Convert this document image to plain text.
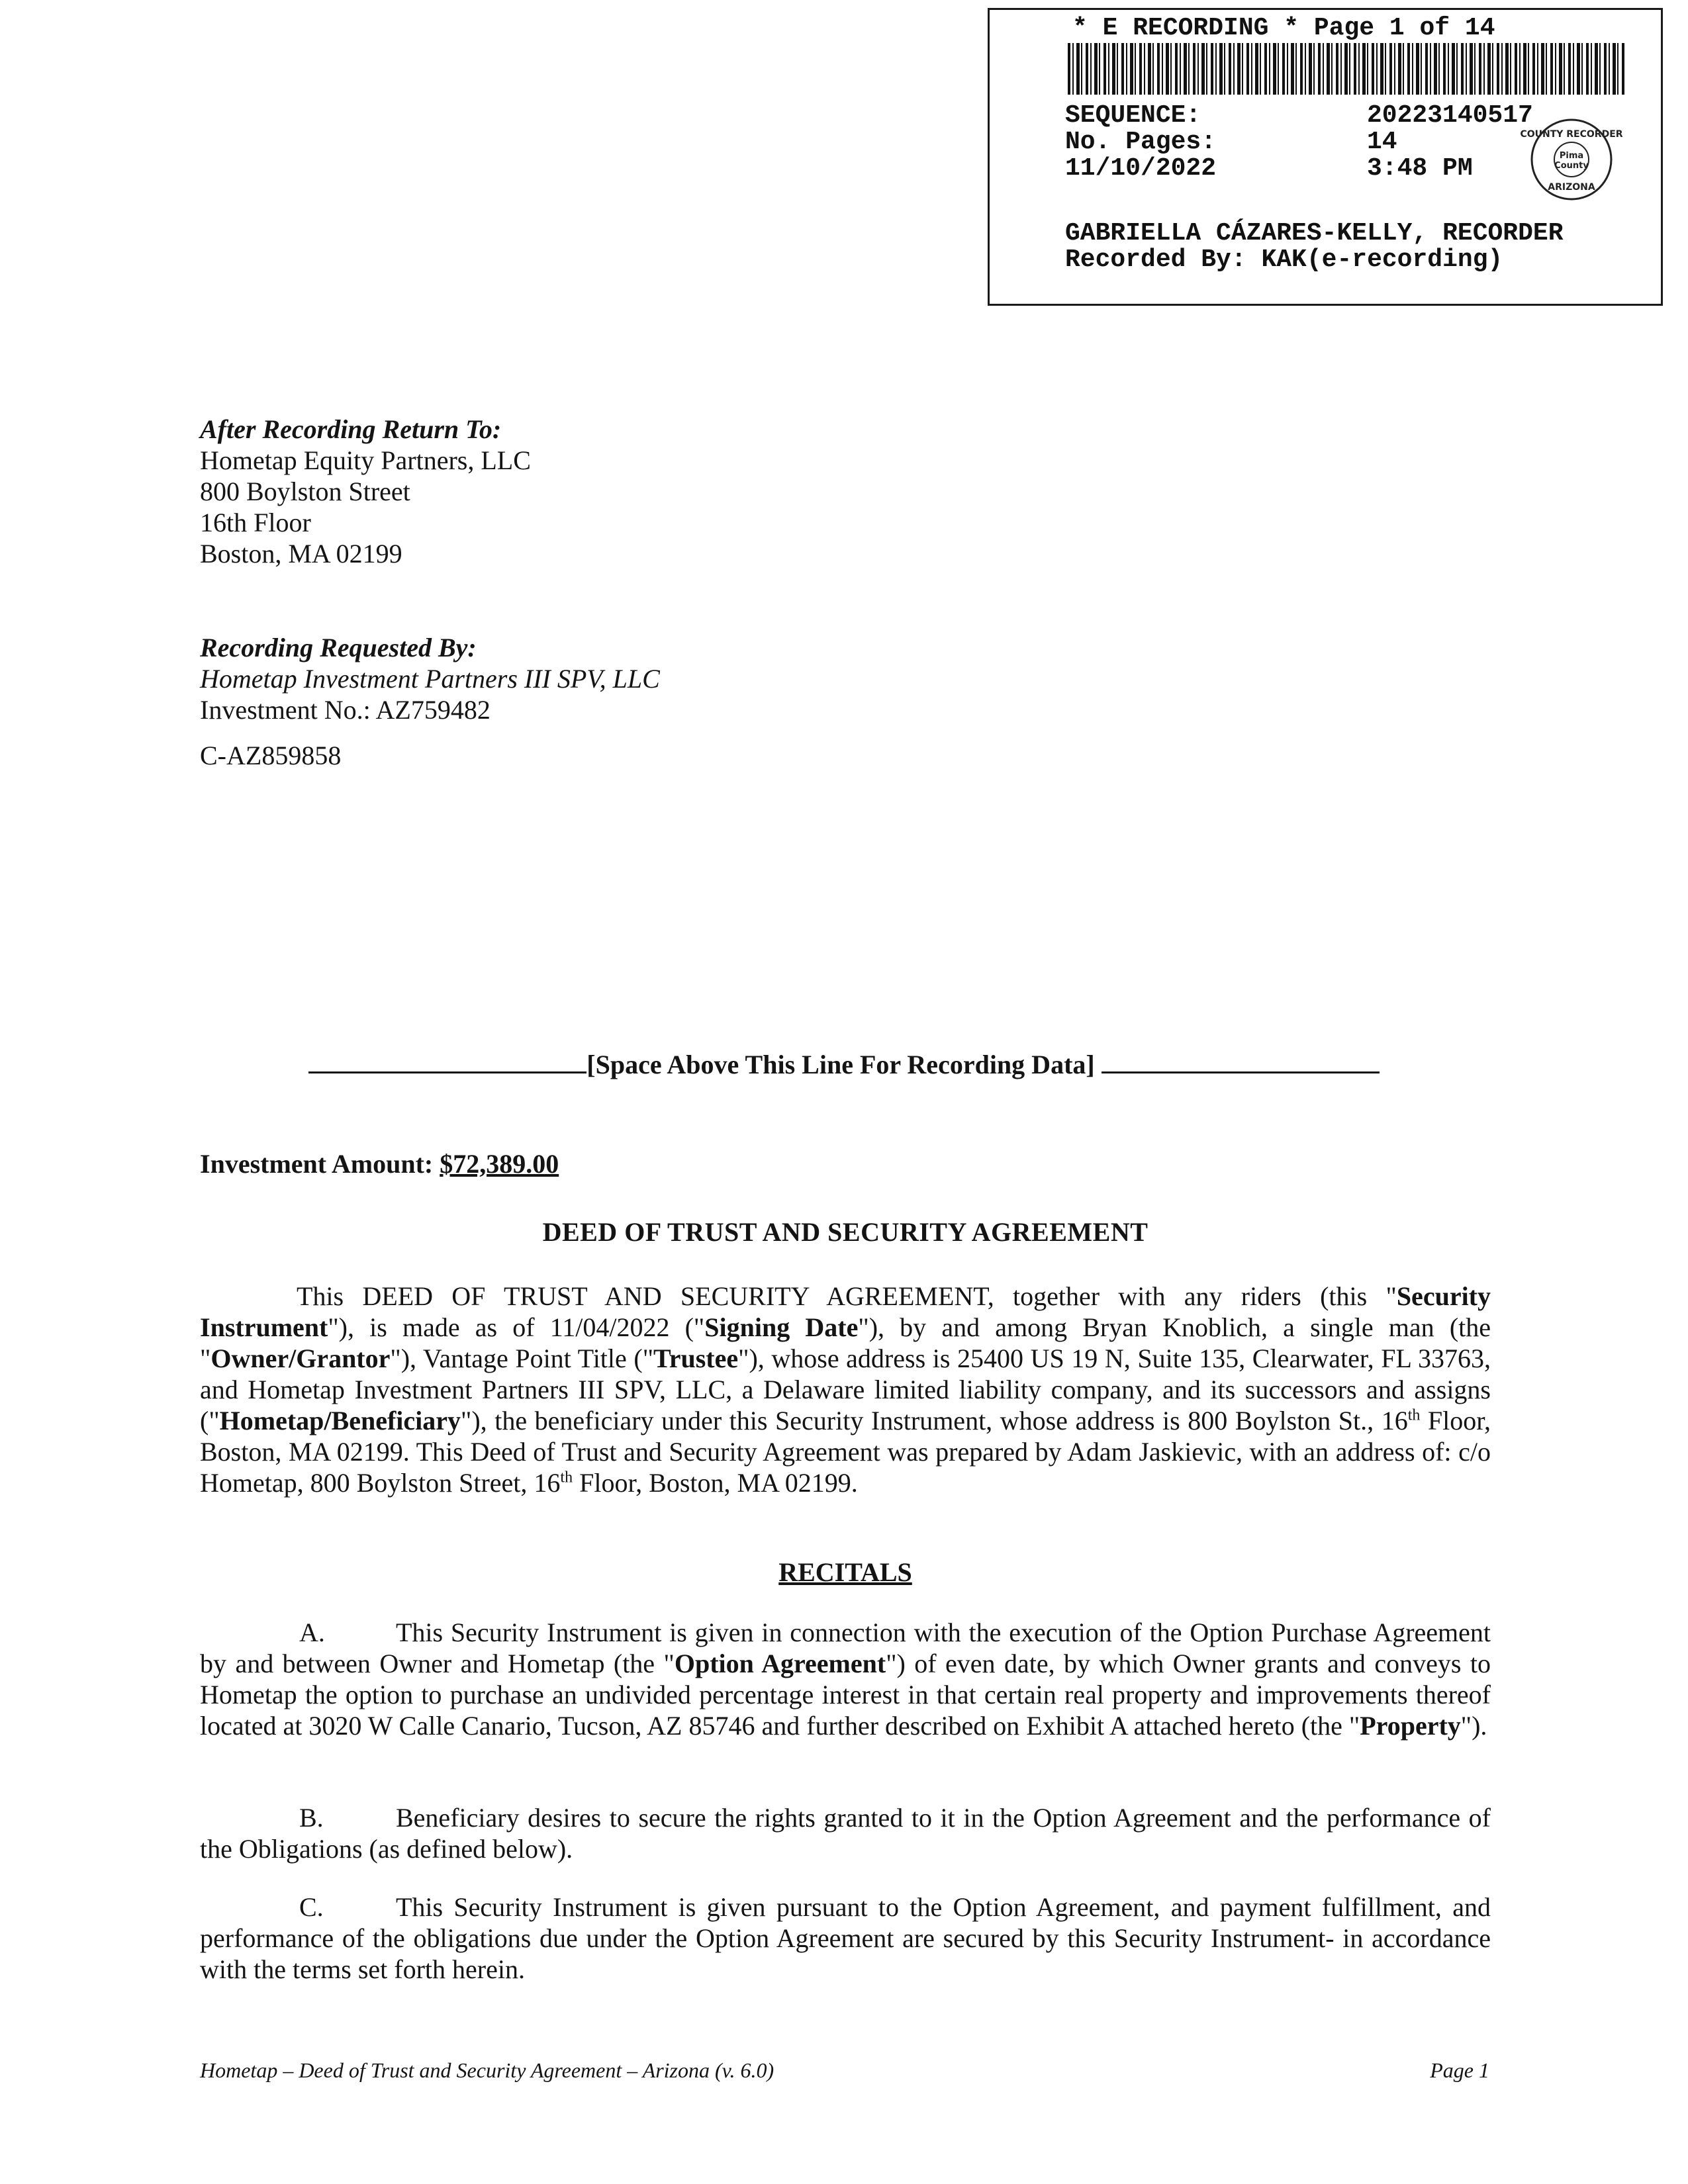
* E RECORDING * Page 1 of 14
SEQUENCE:	20223140517
No. Pages:	14
11/10/2022	3:48 PM
COUNTY RECORDER
Pima
County
ARIZONA
GABRIELLA CÁZARES-KELLY, RECORDER
Recorded By: KAK(e-recording)
After Recording Return To:
Hometap Equity Partners, LLC
800 Boylston Street
16th Floor
Boston, MA 02199
Recording Requested By:
Hometap Investment Partners III SPV, LLC
Investment No.: AZ759482
C-AZ859858
[Space Above This Line For Recording Data]
Investment Amount: $72,389.00
DEED OF TRUST AND SECURITY AGREEMENT
This DEED OF TRUST AND SECURITY AGREEMENT, together with any riders (this "Security Instrument"), is made as of 11/04/2022 ("Signing Date"), by and among Bryan Knoblich, a single man (the "Owner/Grantor"), Vantage Point Title ("Trustee"), whose address is 25400 US 19 N, Suite 135, Clearwater, FL 33763, and Hometap Investment Partners III SPV, LLC, a Delaware limited liability company, and its successors and assigns ("Hometap/Beneficiary"), the beneficiary under this Security Instrument, whose address is 800 Boylston St., 16th Floor, Boston, MA 02199. This Deed of Trust and Security Agreement was prepared by Adam Jaskievic, with an address of: c/o Hometap, 800 Boylston Street, 16th Floor, Boston, MA 02199.
RECITALS

A.	This Security Instrument is given in connection with the execution of the Option Purchase Agreement by and between Owner and Hometap (the "Option Agreement") of even date, by which Owner grants and conveys to Hometap the option to purchase an undivided percentage interest in that certain real property and improvements thereof located at 3020 W Calle Canario, Tucson, AZ 85746 and further described on Exhibit A attached hereto (the "Property").

B.	Beneficiary desires to secure the rights granted to it in the Option Agreement and the performance of the Obligations (as defined below).

C.	This Security Instrument is given pursuant to the Option Agreement, and payment fulfillment, and performance of the obligations due under the Option Agreement are secured by this Security Instrument- in accordance with the terms set forth herein.

Hometap – Deed of Trust and Security Agreement – Arizona (v. 6.0)	Page 1
